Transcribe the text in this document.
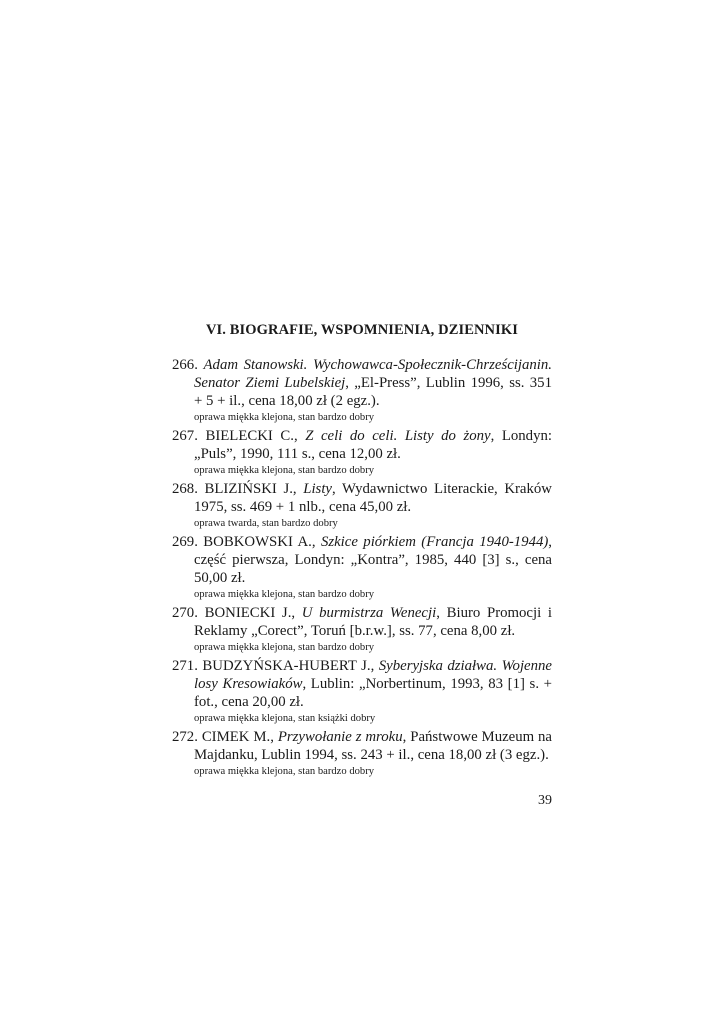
VI. BIOGRAFIE, WSPOMNIENIA, DZIENNIKI

266. Adam Stanowski. Wychowawca-Społecznik-Chrześcijanin. Senator Ziemi Lubelskiej, „El-Press”, Lublin 1996, ss. 351 + 5 + il., cena 18,00 zł (2 egz.).

oprawa miękka klejona, stan bardzo dobry

267. BIELECKI C., Z celi do celi. Listy do żony, Londyn: „Puls”, 1990, 111 s., cena 12,00 zł.

oprawa miękka klejona, stan bardzo dobry

268. BLIZIŃSKI J., Listy, Wydawnictwo Literackie, Kraków 1975, ss. 469 + 1 nlb., cena 45,00 zł.

oprawa twarda, stan bardzo dobry

269. BOBKOWSKI A., Szkice piórkiem (Francja 1940-1944), część pierwsza, Londyn: „Kontra”, 1985, 440 [3] s., cena 50,00 zł.

oprawa miękka klejona, stan bardzo dobry

270. BONIECKI J., U burmistrza Wenecji, Biuro Promocji i Reklamy „Corect”, Toruń [b.r.w.], ss. 77, cena 8,00 zł.

oprawa miękka klejona, stan bardzo dobry

271. BUDZYŃSKA-HUBERT J., Syberyjska działwa. Wojenne losy Kresowiaków, Lublin: „Norbertinum, 1993, 83 [1] s. + fot., cena 20,00 zł.

oprawa miękka klejona, stan książki dobry

272. CIMEK M., Przywołanie z mroku, Państwowe Muzeum na Majdanku, Lublin 1994, ss. 243 + il., cena 18,00 zł (3 egz.).

oprawa miękka klejona, stan bardzo dobry

39
